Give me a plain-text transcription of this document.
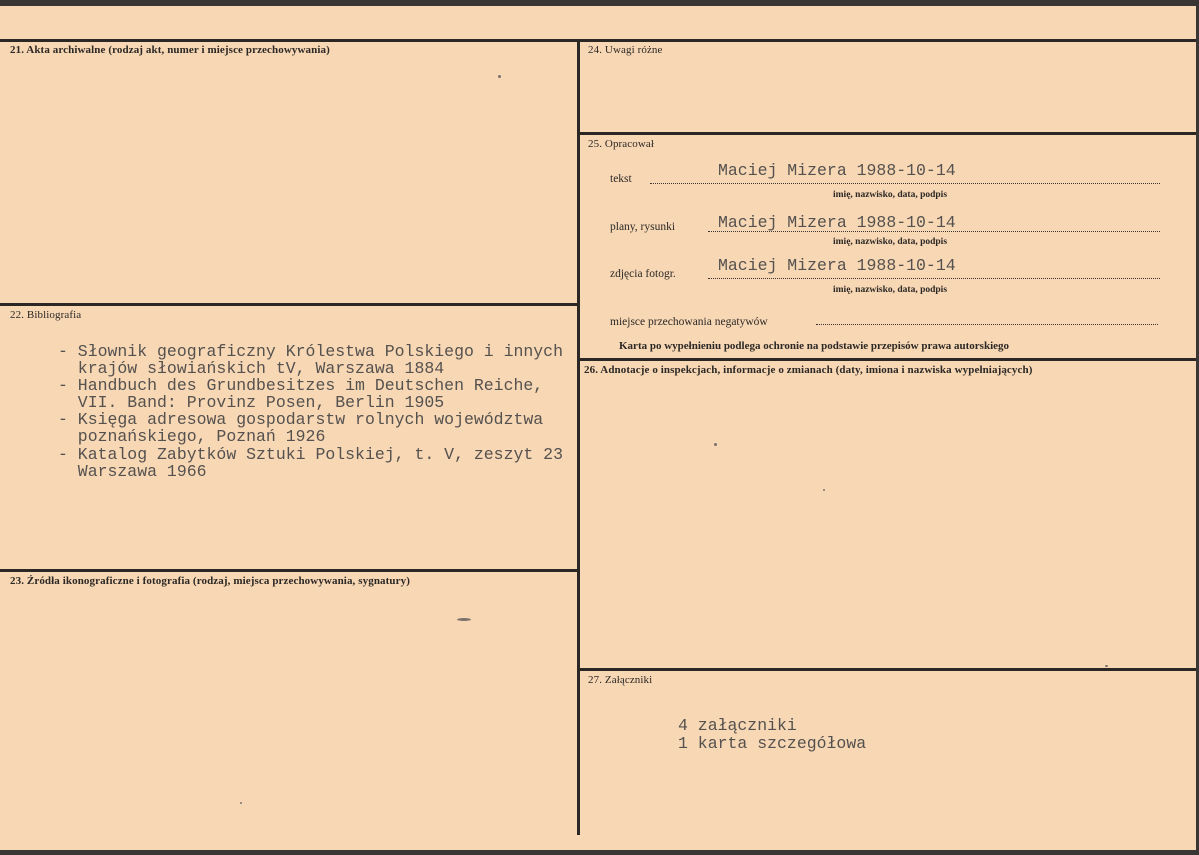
21. Akta archiwalne (rodzaj akt, numer i miejsce przechowywania)
22. Bibliografia
- Słownik geograficzny Królestwa Polskiego i innych
krajów słowiańskich tV, Warszawa 1884
- Handbuch des Grundbesitzes im Deutschen Reiche,
VII. Band: Provinz Posen, Berlin 1905
- Księga adresowa gospodarstw rolnych województwa
poznańskiego, Poznań 1926
- Katalog Zabytków Sztuki Polskiej, t. V, zeszyt 23
Warszawa 1966
23. Źródła ikonograficzne i fotografia (rodzaj, miejsca przechowywania, sygnatury)
24. Uwagi różne
25. Opracował
tekst	Maciej Mizera 1988-10-14
imię, nazwisko, data, podpis
plany, rysunki	Maciej Mizera 1988-10-14
imię, nazwisko, data, podpis
zdjęcia fotogr.	Maciej Mizera 1988-10-14
imię, nazwisko, data, podpis
miejsce przechowania negatywów
Karta po wypełnieniu podlega ochronie na podstawie przepisów prawa autorskiego
26. Adnotacje o inspekcjach, informacje o zmianach (daty, imiona i nazwiska wypełniających)
27. Załączniki
4 załączniki
1 karta szczegółowa
